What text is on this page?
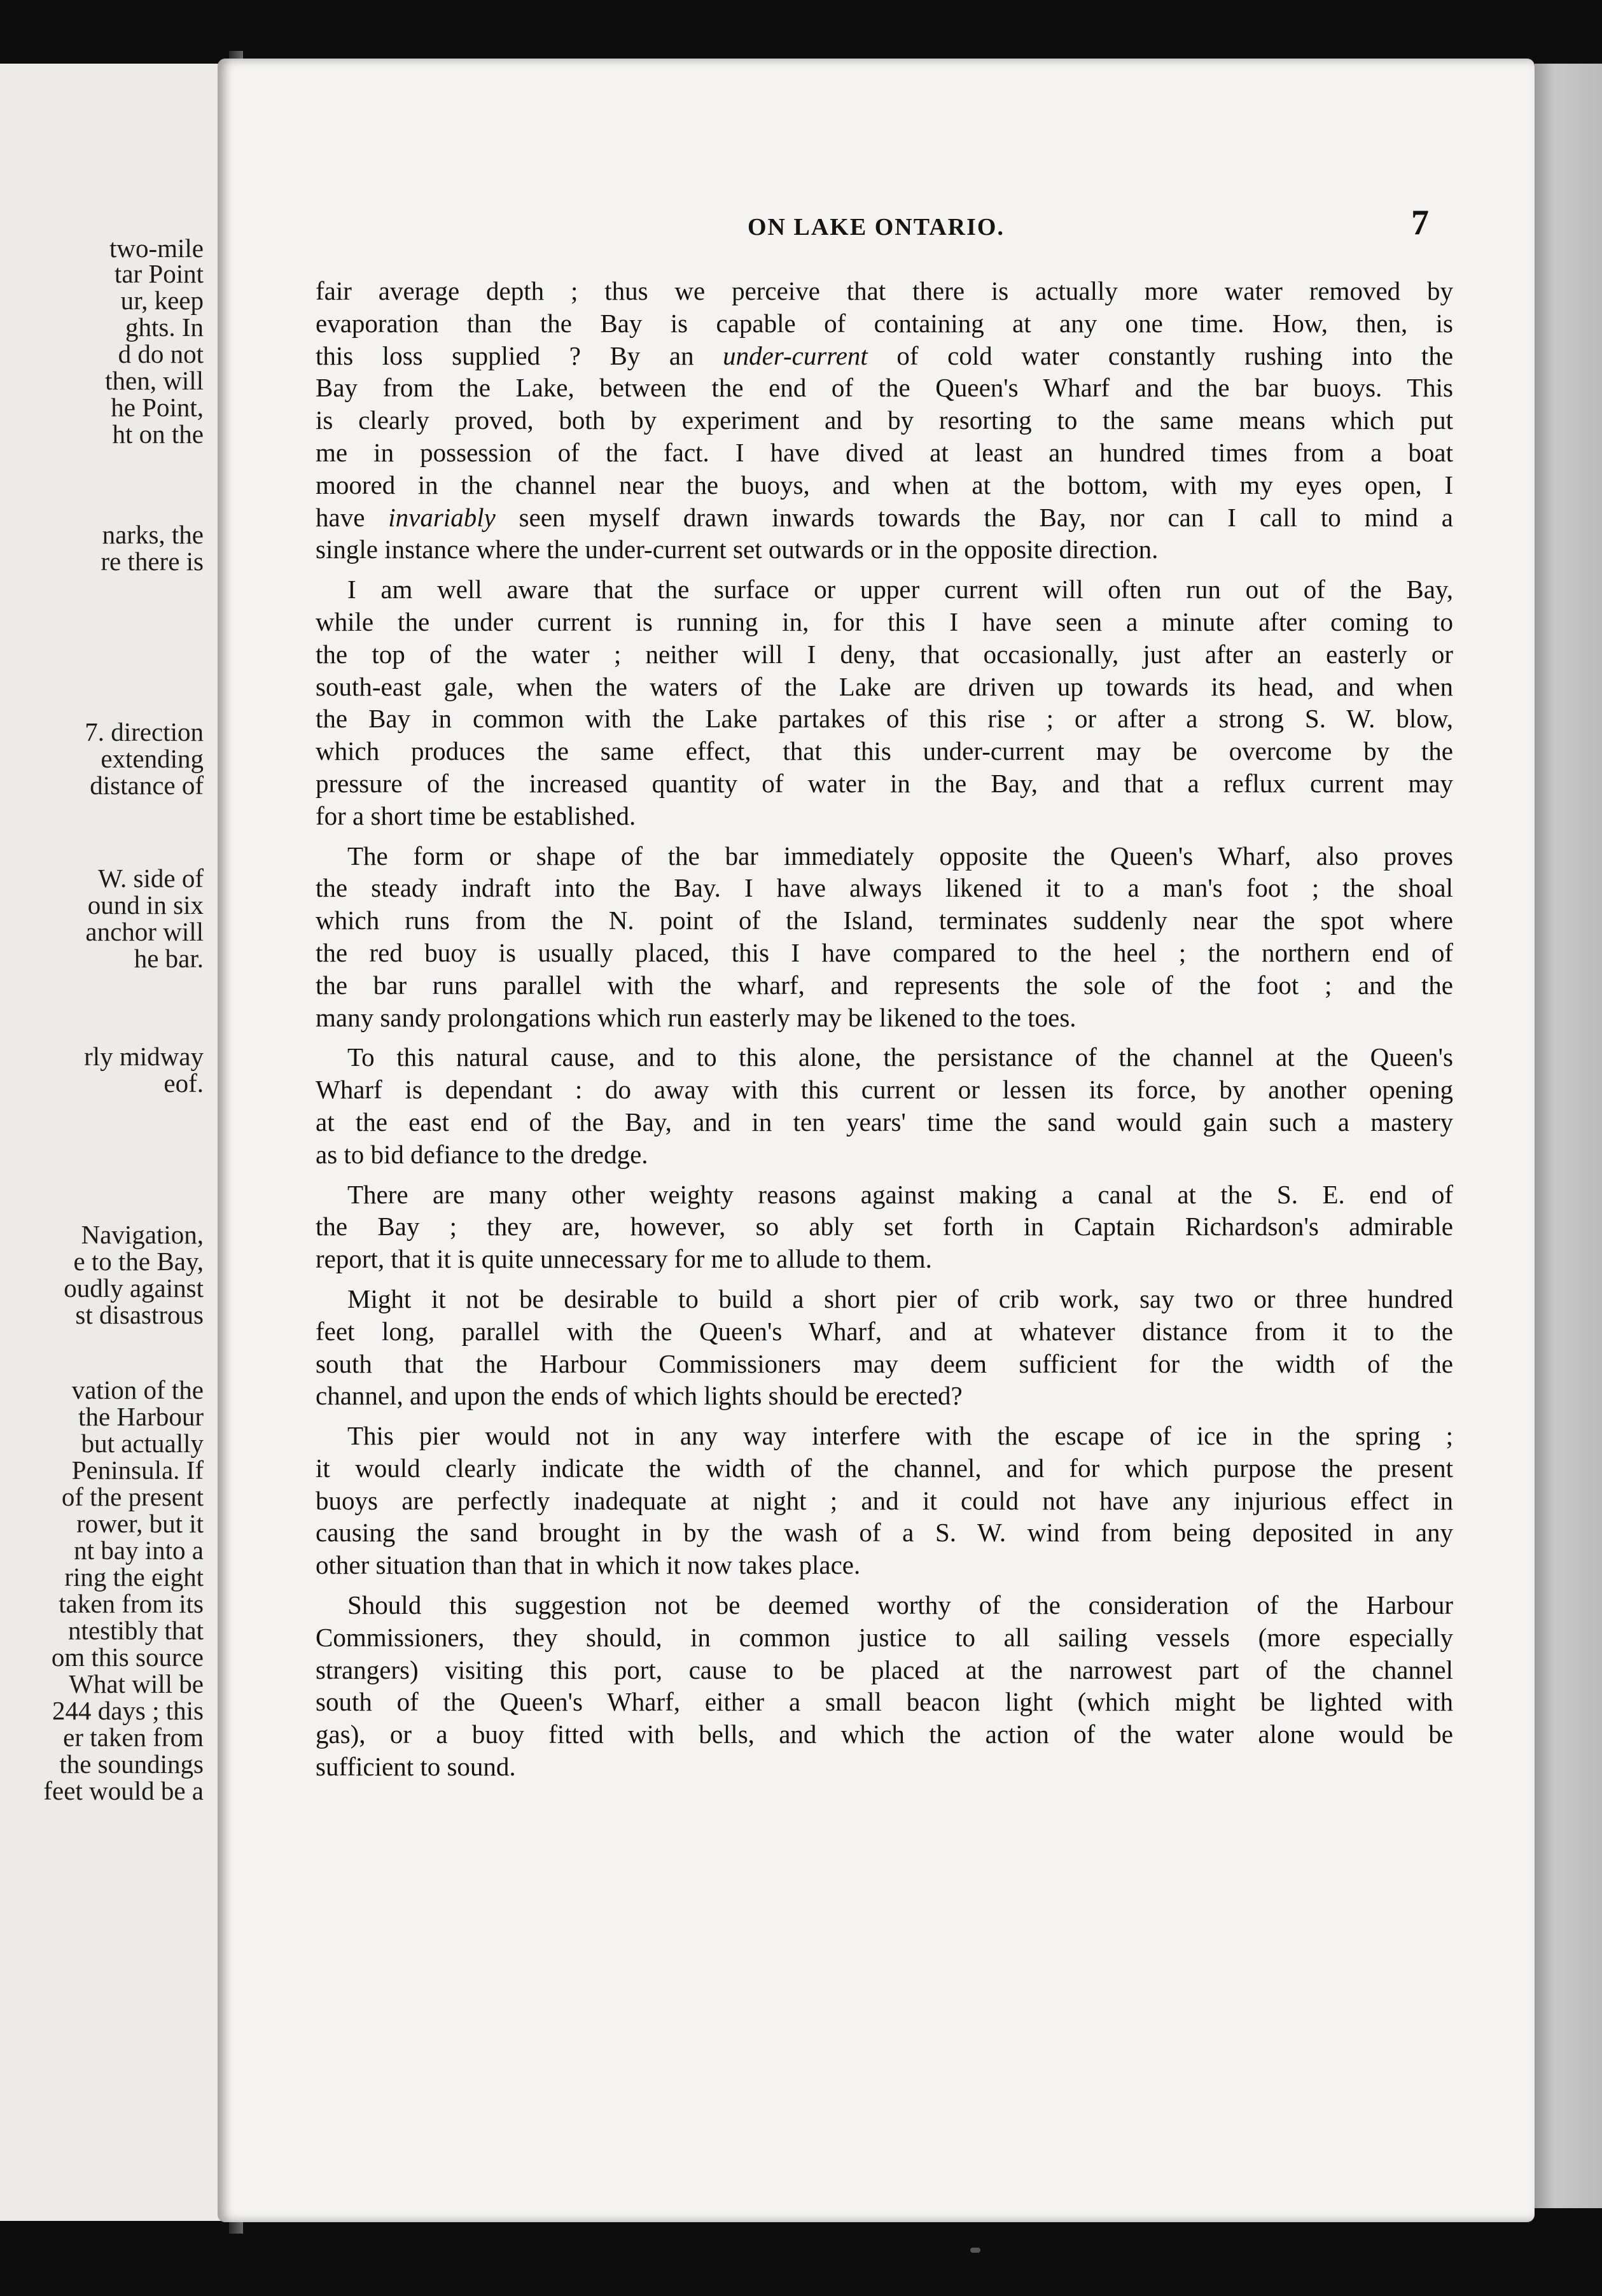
two-mile
tar Point
ur, keep
ghts. In
d do not
then, will
he Point,
ht on the
narks, the
re there is
7. direction
extending
distance of
W. side of
ound in six
anchor will
he bar.
rly midway
eof.
Navigation,
e to the Bay,
oudly against
st disastrous
vation of the
the Harbour
but actually
Peninsula. If
of the present
rower, but it
nt bay into a
ring the eight
taken from its
ntestibly that
om this source
What will be
244 days ; this
er taken from
the soundings
feet would be a
ON LAKE ONTARIO.	7
fair average depth ; thus we perceive that there is actually more water removed by
evaporation than the Bay is capable of containing at any one time. How, then, is
this loss supplied ? By an under-current of cold water constantly rushing into the
Bay from the Lake, between the end of the Queen's Wharf and the bar buoys. This
is clearly proved, both by experiment and by resorting to the same means which put
me in possession of the fact. I have dived at least an hundred times from a boat
moored in the channel near the buoys, and when at the bottom, with my eyes open, I
have invariably seen myself drawn inwards towards the Bay, nor can I call to mind a
single instance where the under-current set outwards or in the opposite direction.
I am well aware that the surface or upper current will often run out of the Bay,
while the under current is running in, for this I have seen a minute after coming to
the top of the water ; neither will I deny, that occasionally, just after an easterly or
south-east gale, when the waters of the Lake are driven up towards its head, and when
the Bay in common with the Lake partakes of this rise ; or after a strong S. W. blow,
which produces the same effect, that this under-current may be overcome by the
pressure of the increased quantity of water in the Bay, and that a reflux current may
for a short time be established.
The form or shape of the bar immediately opposite the Queen's Wharf, also proves
the steady indraft into the Bay. I have always likened it to a man's foot ; the shoal
which runs from the N. point of the Island, terminates suddenly near the spot where
the red buoy is usually placed, this I have compared to the heel ; the northern end of
the bar runs parallel with the wharf, and represents the sole of the foot ; and the
many sandy prolongations which run easterly may be likened to the toes.
To this natural cause, and to this alone, the persistance of the channel at the Queen's
Wharf is dependant : do away with this current or lessen its force, by another opening
at the east end of the Bay, and in ten years' time the sand would gain such a mastery
as to bid defiance to the dredge.
There are many other weighty reasons against making a canal at the S. E. end of
the Bay ; they are, however, so ably set forth in Captain Richardson's admirable
report, that it is quite unnecessary for me to allude to them.
Might it not be desirable to build a short pier of crib work, say two or three hundred
feet long, parallel with the Queen's Wharf, and at whatever distance from it to the
south that the Harbour Commissioners may deem sufficient for the width of the
channel, and upon the ends of which lights should be erected?
This pier would not in any way interfere with the escape of ice in the spring ;
it would clearly indicate the width of the channel, and for which purpose the present
buoys are perfectly inadequate at night ; and it could not have any injurious effect in
causing the sand brought in by the wash of a S. W. wind from being deposited in any
other situation than that in which it now takes place.
Should this suggestion not be deemed worthy of the consideration of the Harbour
Commissioners, they should, in common justice to all sailing vessels (more especially
strangers) visiting this port, cause to be placed at the narrowest part of the channel
south of the Queen's Wharf, either a small beacon light (which might be lighted with
gas), or a buoy fitted with bells, and which the action of the water alone would be
sufficient to sound.
